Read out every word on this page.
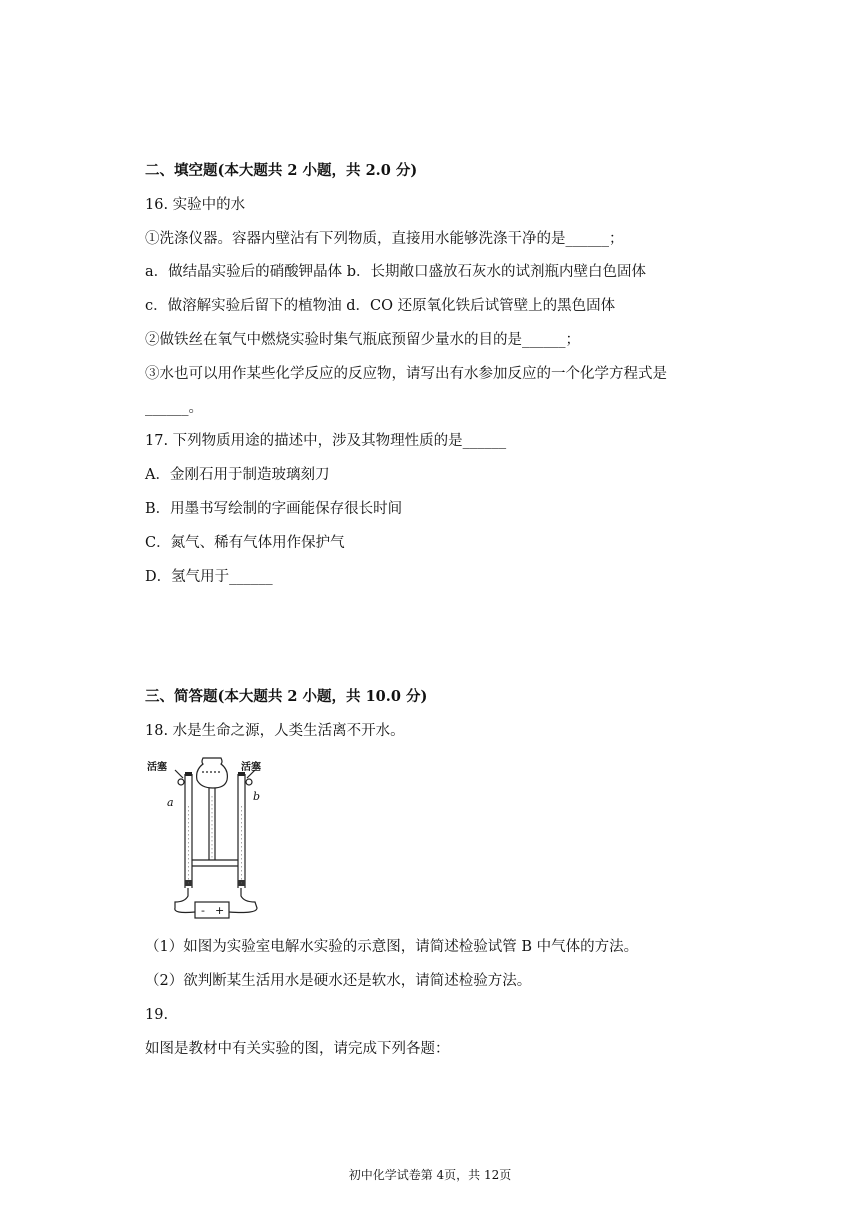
二、填空题(本大题共 2 小题，共 2.0 分)
16. 实验中的水
①洗涤仪器。容器内壁沾有下列物质，直接用水能够洗涤干净的是______；
a．做结晶实验后的硝酸钾晶体 b．长期敞口盛放石灰水的试剂瓶内壁白色固体
c．做溶解实验后留下的植物油 d．CO 还原氧化铁后试管壁上的黑色固体
②做铁丝在氧气中燃烧实验时集气瓶底预留少量水的目的是______；
③水也可以用作某些化学反应的反应物，请写出有水参加反应的一个化学方程式是
______。
17. 下列物质用途的描述中，涉及其物理性质的是______
A．金刚石用于制造玻璃刻刀
B．用墨书写绘制的字画能保存很长时间
C．氮气、稀有气体用作保护气
D．氢气用于______
三、简答题(本大题共 2 小题，共 10.0 分)
18. 水是生命之源，人类生活离不开水。
活塞	活塞
a	b
- +
（1）如图为实验室电解水实验的示意图，请简述检验试管 B 中气体的方法。
（2）欲判断某生活用水是硬水还是软水，请简述检验方法。
19.
如图是教材中有关实验的图，请完成下列各题：
初中化学试卷第 4页，共 12页
